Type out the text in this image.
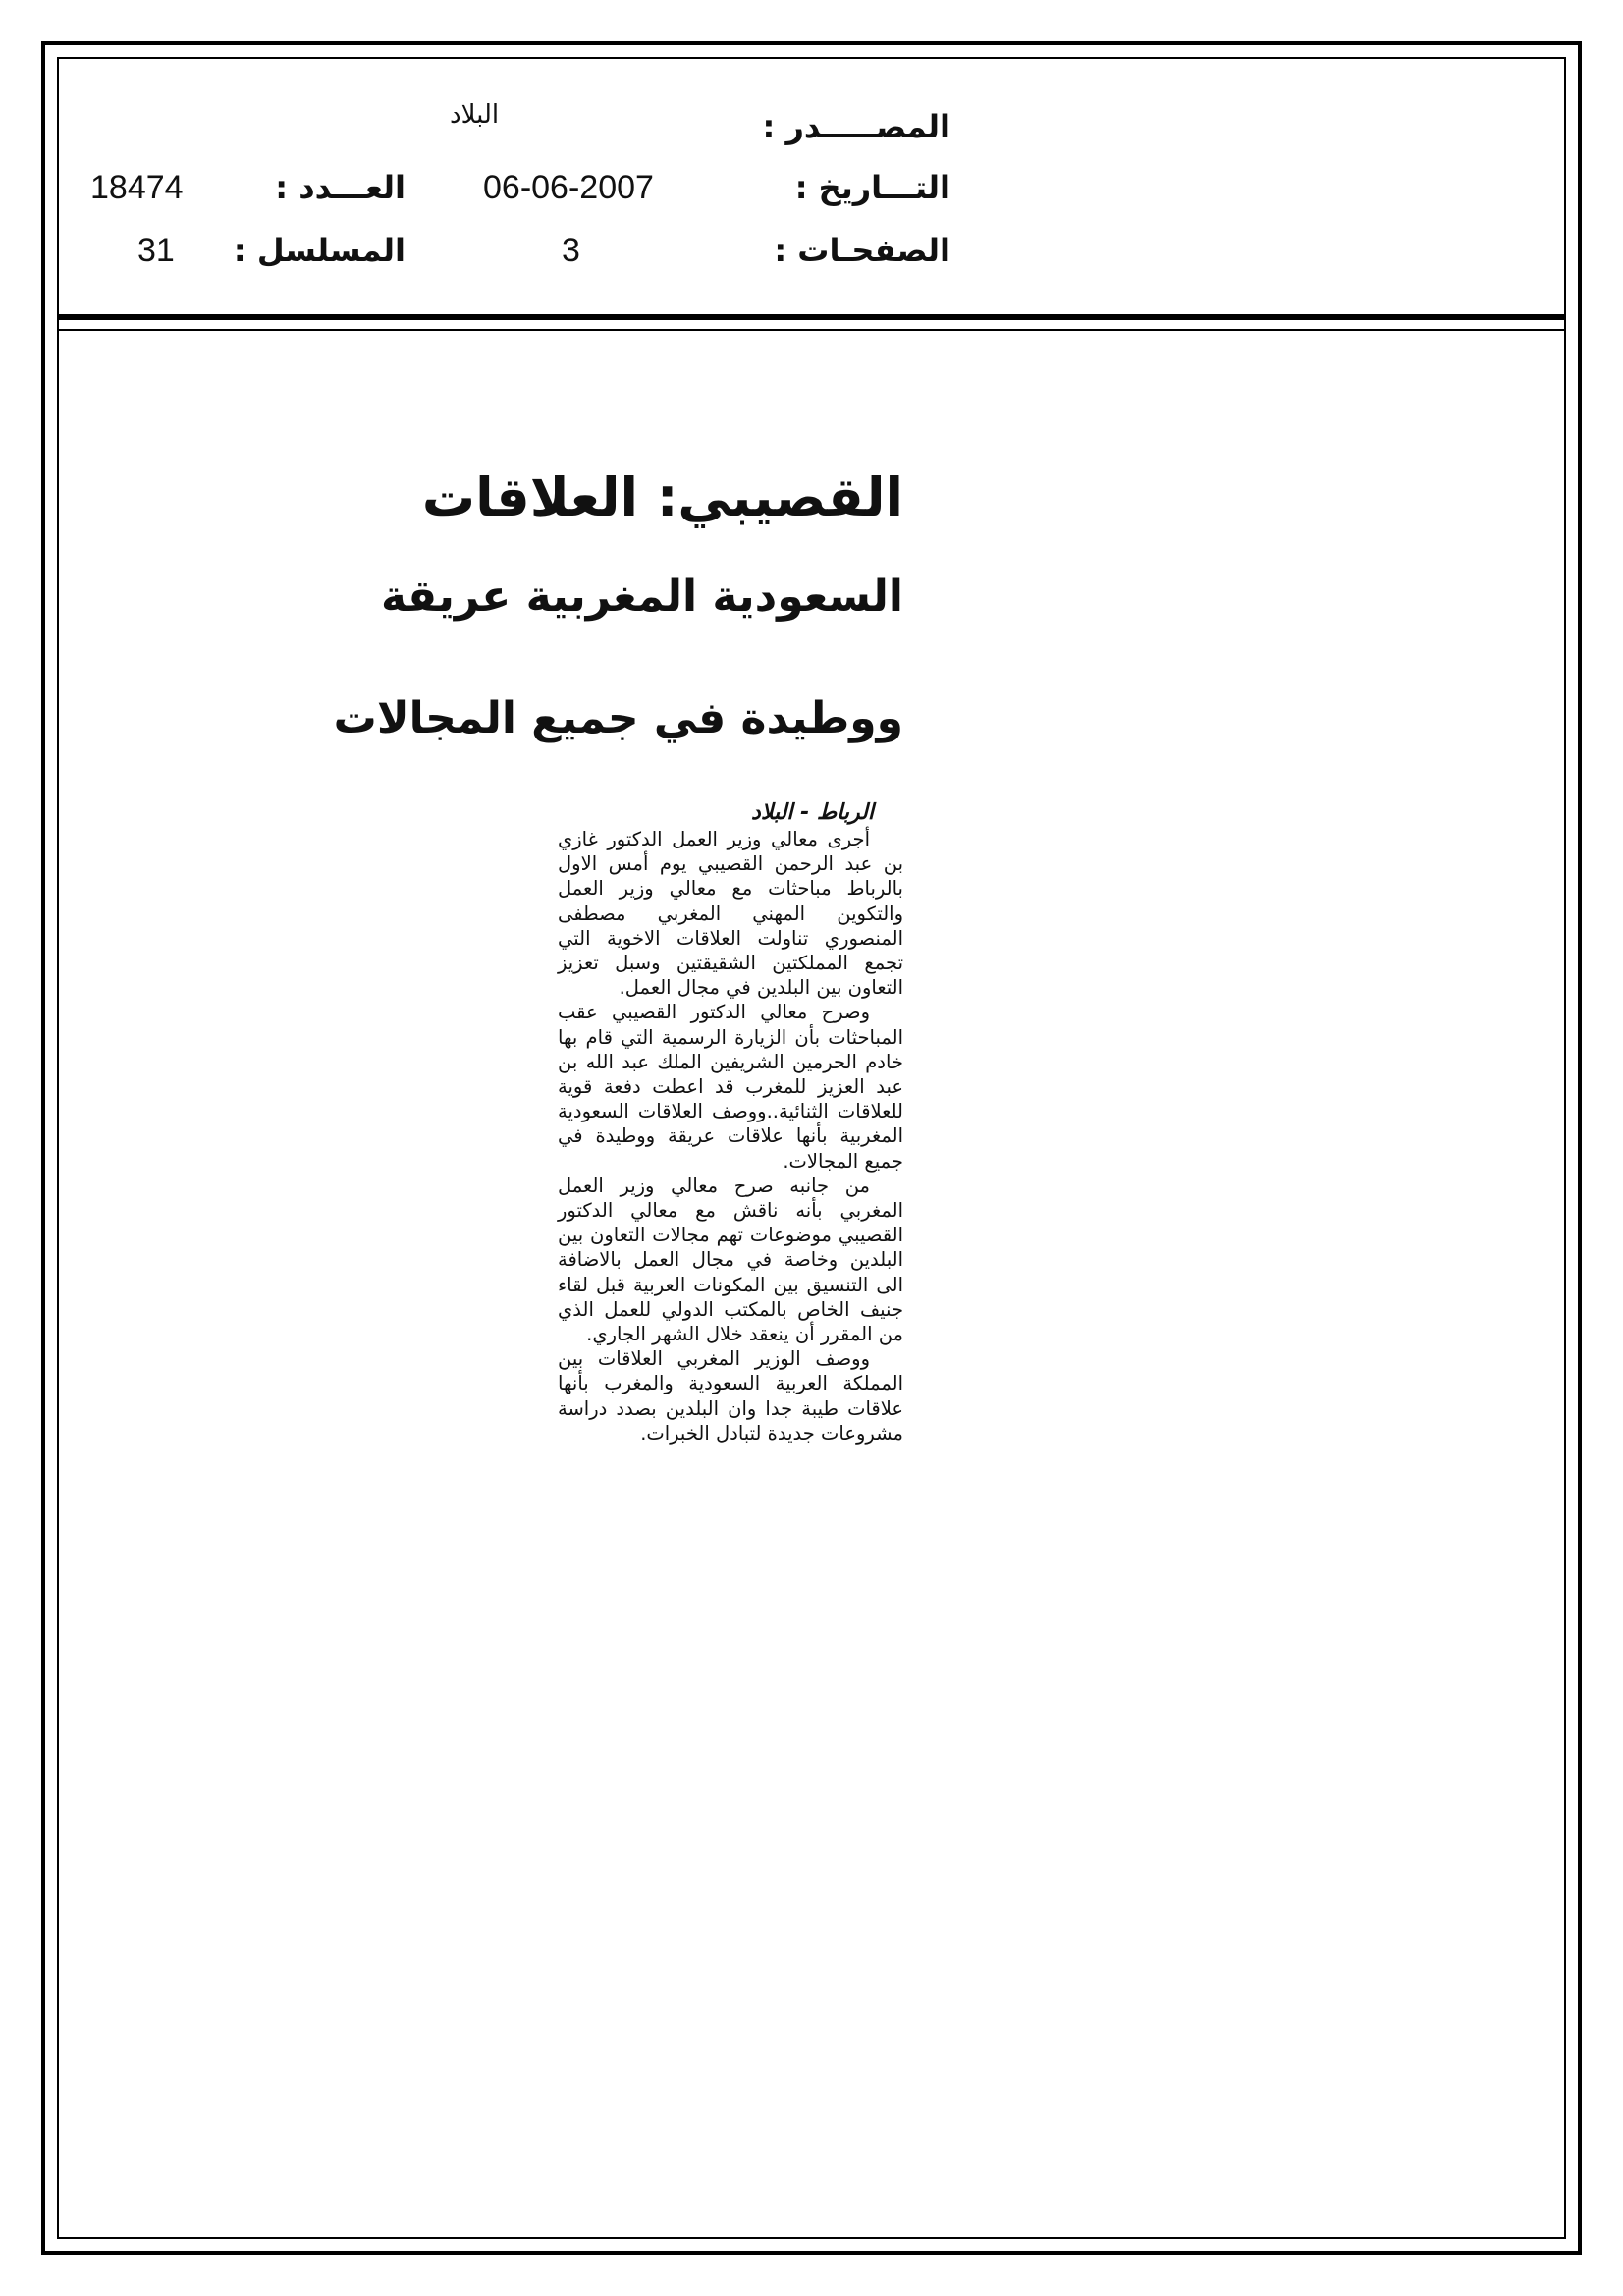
المصـــــدر :
البلاد
التـــاريخ :
06-06-2007
العـــدد :
18474
الصفحـات :
3
المسلسل :
31
القصيبي: العلاقات
السعودية المغربية عريقة
ووطيدة في جميع المجالات
الرباط - البلاد

أجرى معالي وزير العمل الدكتور غازي بن عبد الرحمن القصيبي يوم أمس الاول بالرباط مباحثات مع معالي وزير العمل والتكوين المهني المغربي مصطفى المنصوري تناولت العلاقات الاخوية التي تجمع المملكتين الشقيقتين وسبل تعزيز التعاون بين البلدين في مجال العمل.

وصرح معالي الدكتور القصيبي عقب المباحثات بأن الزيارة الرسمية التي قام بها خادم الحرمين الشريفين الملك عبد الله بن عبد العزيز للمغرب قد اعطت دفعة قوية للعلاقات الثنائية..ووصف العلاقات السعودية المغربية بأنها علاقات عريقة ووطيدة في جميع المجالات.

من جانبه صرح معالي وزير العمل المغربي بأنه ناقش مع معالي الدكتور القصيبي موضوعات تهم مجالات التعاون بين البلدين وخاصة في مجال العمل بالاضافة الى التنسيق بين المكونات العربية قبل لقاء جنيف الخاص بالمكتب الدولي للعمل الذي من المقرر أن ينعقد خلال الشهر الجاري.

ووصف الوزير المغربي العلاقات بين المملكة العربية السعودية والمغرب بأنها علاقات طيبة جدا وان البلدين بصدد دراسة مشروعات جديدة لتبادل الخبرات.
